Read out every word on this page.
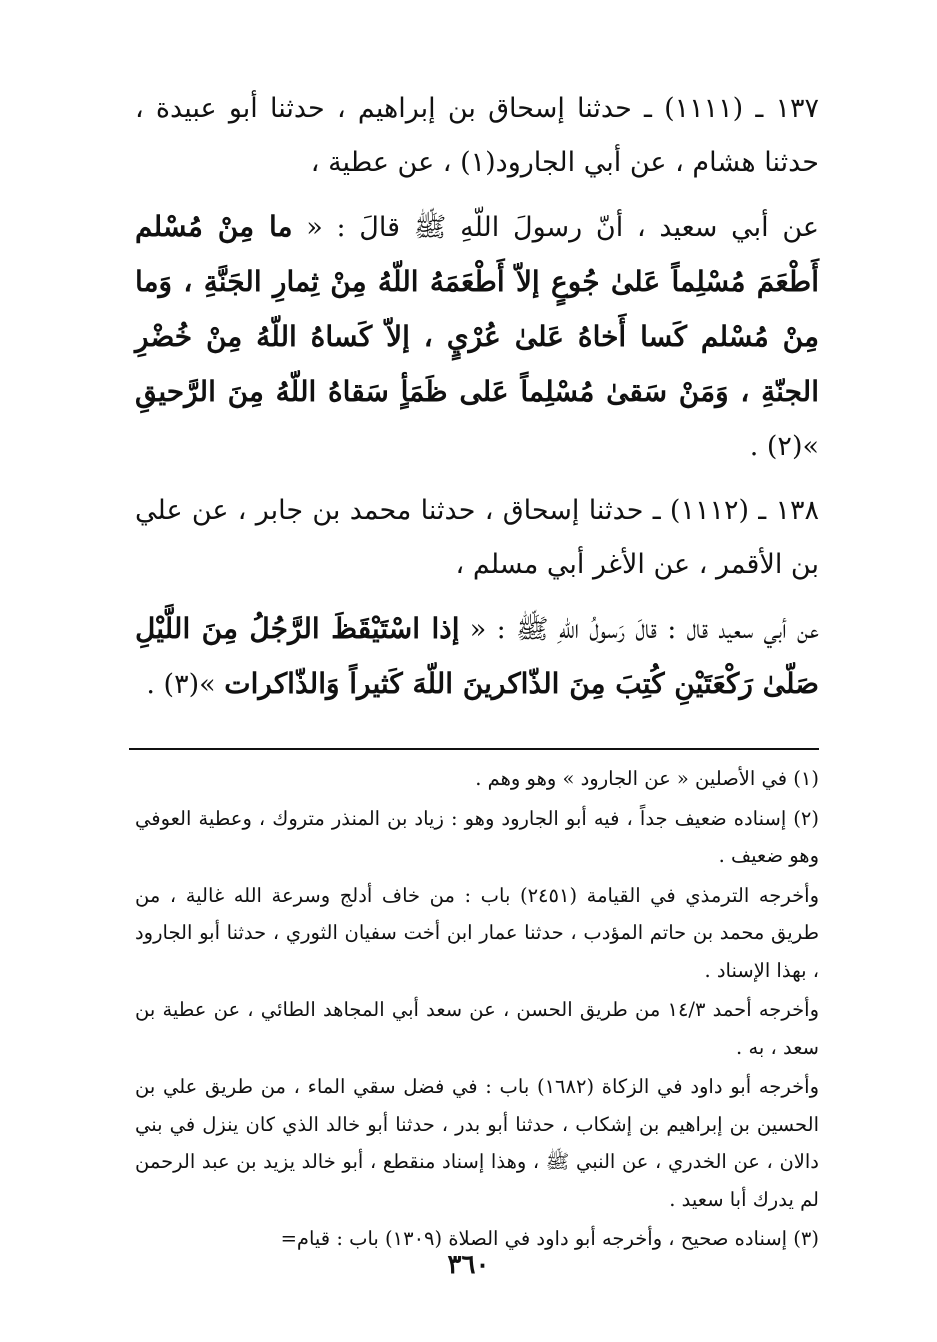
١٣٧ ـ (١١١١) ـ حدثنا إسحاق بن إبراهيم ، حدثنا أبو عبيدة ، حدثنا هشام ، عن أبي الجارود(١) ، عن عطية ،

عن أبي سعيد ، أنّ رسولَ اللّهِ ﷺ قالَ : « ما مِنْ مُسْلم أَطْعَمَ مُسْلِماً عَلىٰ جُوعٍ إلاّ أَطْعَمَهُ اللّهُ مِنْ ثِمارِ الجَنَّةِ ، وَما مِنْ مُسْلم كَسا أَخاهُ عَلىٰ عُرْيٍ ، إلاّ كَساهُ اللّهُ مِنْ خُضْرِ الجنّةِ ، وَمَنْ سَقىٰ مُسْلِماً عَلى ظَمَأٍ سَقاهُ اللّهُ مِنَ الرَّحيقِ »(٢) .

١٣٨ ـ (١١١٢) ـ حدثنا إسحاق ، حدثنا محمد بن جابر ، عن علي بن الأقمر ، عن الأغر أبي مسلم ،

عن أبي سعيد قال : قالَ رَسولُ اللّهِ ﷺ : « إذا اسْتَيْقَظَ الرَّجُلُ مِنَ اللَّيْلِ صَلّىٰ رَكْعَتَيْنِ كُتِبَ مِنَ الذّاكرينَ اللّهَ كَثيراً وَالذّاكرات »(٣) .

(١) في الأصلين « عن الجارود » وهو وهم .

(٢) إسناده ضعيف جداً ، فيه أبو الجارود وهو : زياد بن المنذر متروك ، وعطية العوفي وهو ضعيف .

وأخرجه الترمذي في القيامة (٢٤٥١) باب : من خاف أدلج وسرعة الله غالية ، من طريق محمد بن حاتم المؤدب ، حدثنا عمار ابن أخت سفيان الثوري ، حدثنا أبو الجارود ، بهذا الإسناد .

وأخرجه أحمد ١٤/٣ من طريق الحسن ، عن سعد أبي المجاهد الطائي ، عن عطية بن سعد ، به .

وأخرجه أبو داود في الزكاة (١٦٨٢) باب : في فضل سقي الماء ، من طريق علي بن الحسين بن إبراهيم بن إشكاب ، حدثنا أبو بدر ، حدثنا أبو خالد الذي كان ينزل في بني دالان ، عن الخدري ، عن النبي ﷺ ، وهذا إسناد منقطع ، أبو خالد يزيد بن عبد الرحمن لم يدرك أبا سعيد .

(٣) إسناده صحيح ، وأخرجه أبو داود في الصلاة (١٣٠٩) باب : قيام=

٣٦٠
